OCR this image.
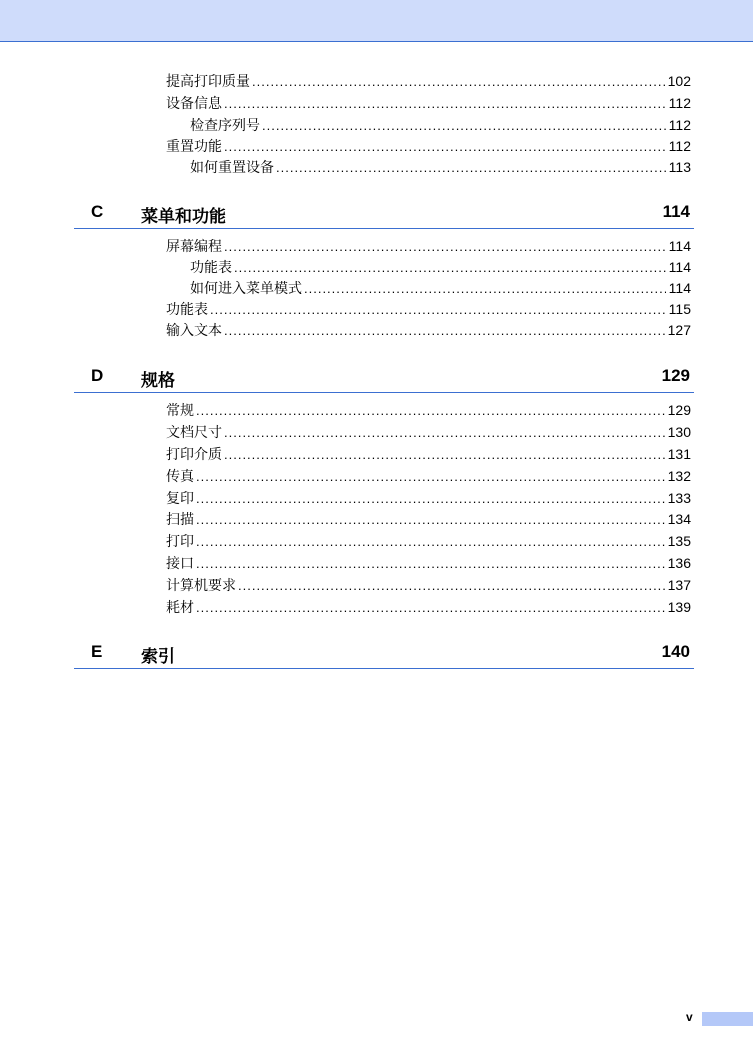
提高打印质量 .....	102
设备信息 .....	112
检查序列号 .....	112
重置功能 .....	112
如何重置设备 .....	113
C 菜单和功能	114
屏幕编程 .....	114
功能表 .....	114
如何进入菜单模式 .....	114
功能表 .....	115
输入文本 .....	127
D 规格	129
常规 .....	129
文档尺寸 .....	130
打印介质 .....	131
传真 .....	132
复印 .....	133
扫描 .....	134
打印 .....	135
接口 .....	136
计算机要求 .....	137
耗材 .....	139
E 索引	140
v
